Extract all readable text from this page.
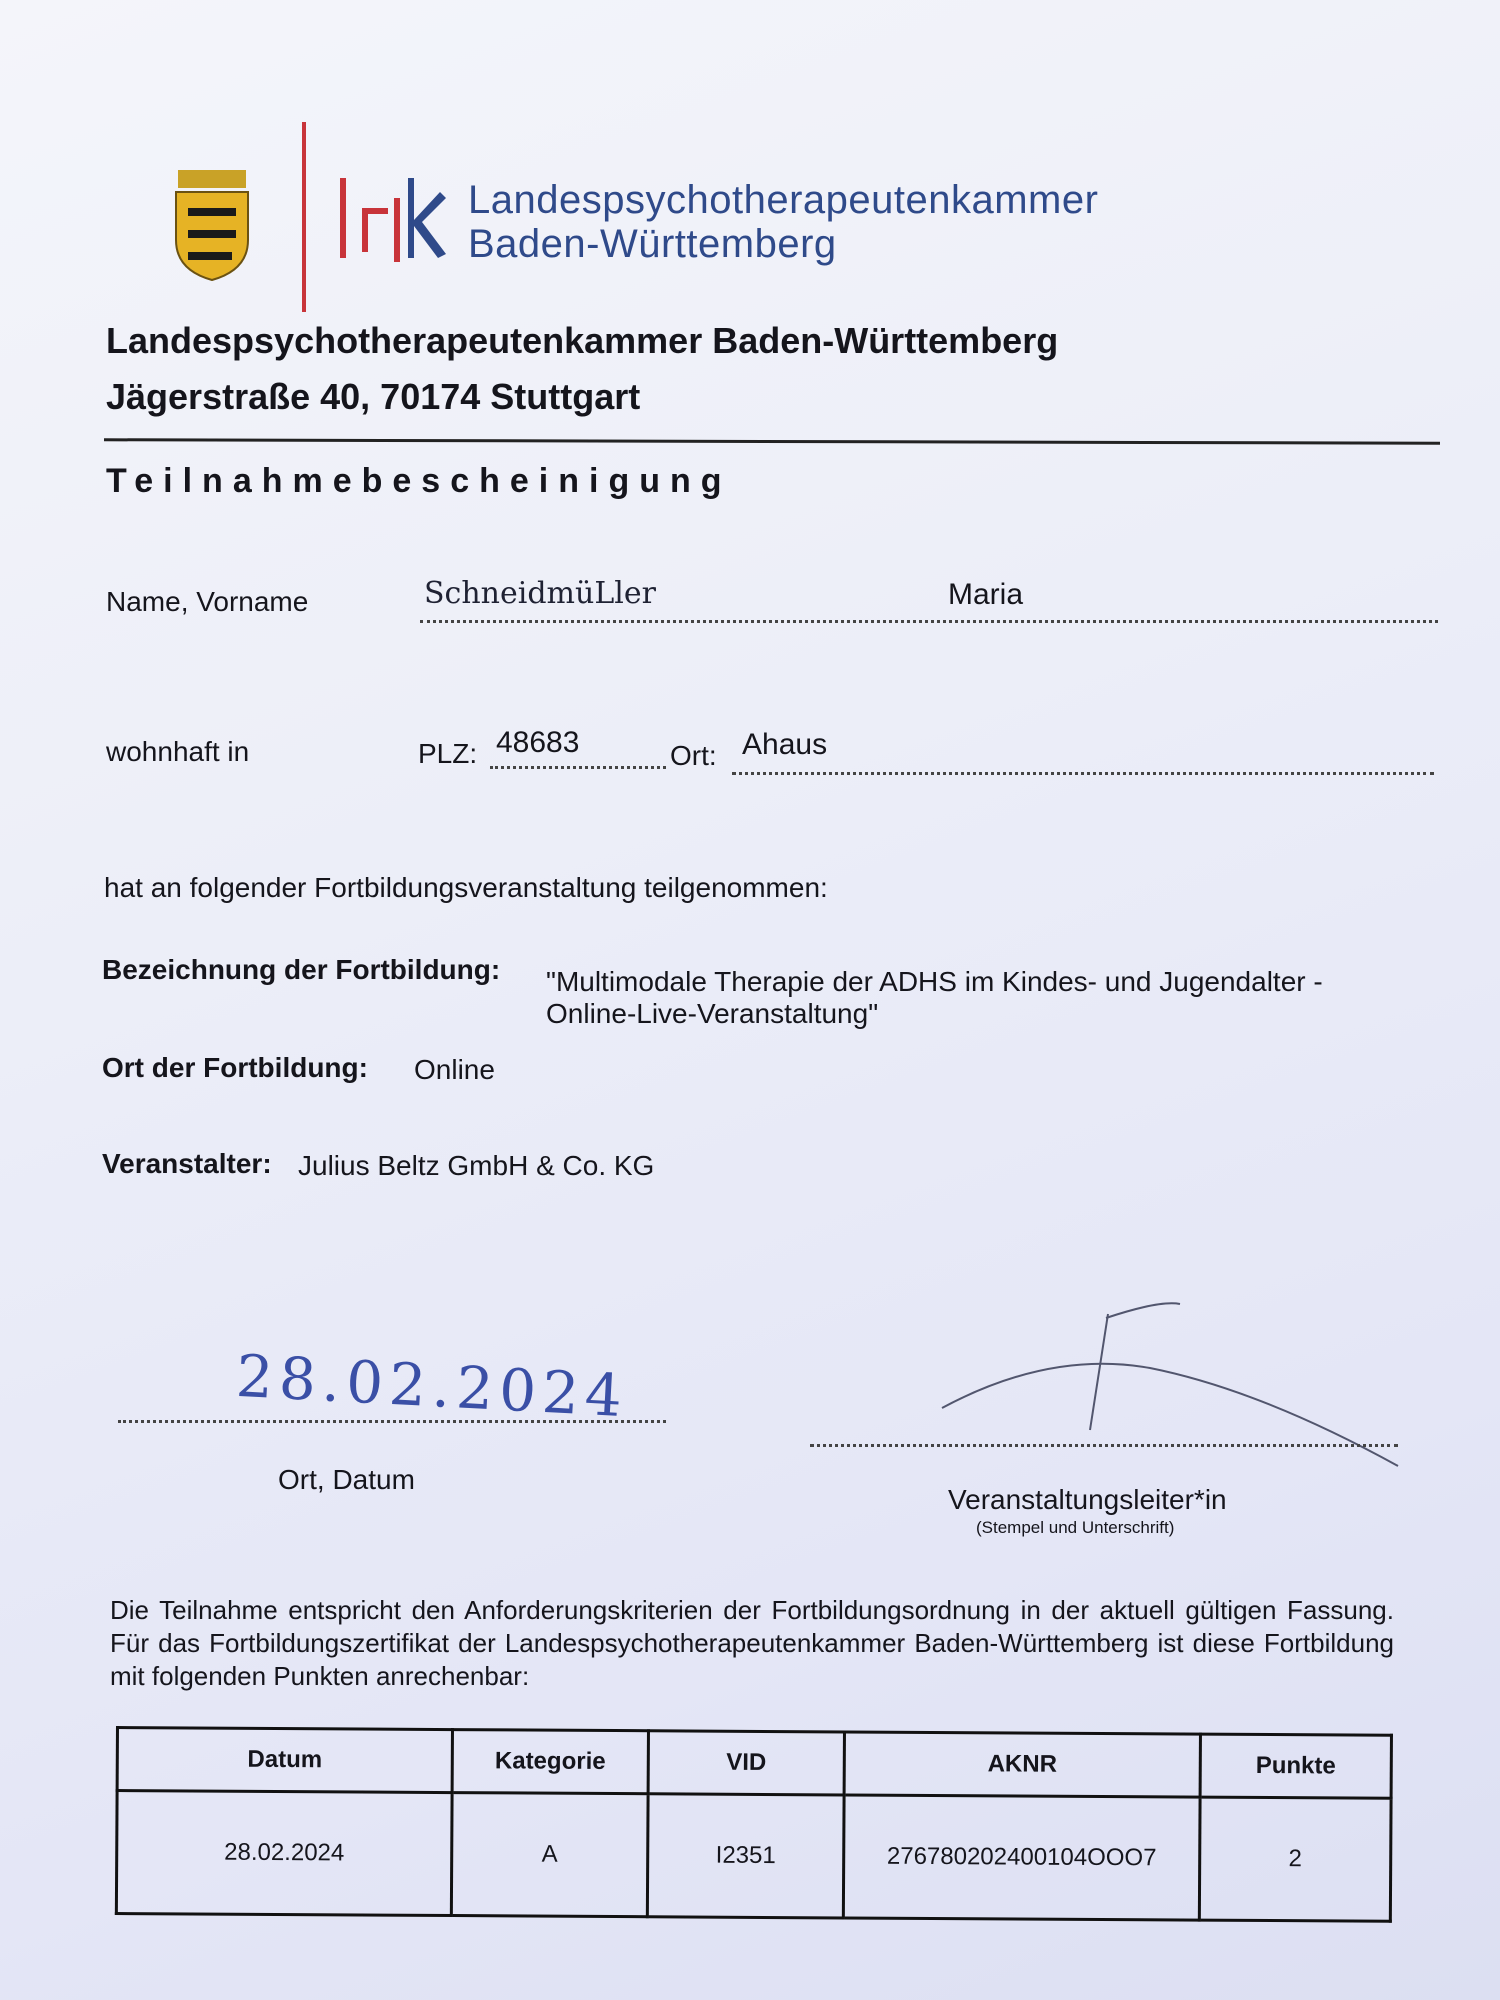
Landespsychotherapeutenkammer
Baden-Württemberg
Landespsychotherapeutenkammer Baden-Württemberg
Jägerstraße 40, 70174 Stuttgart
Teilnahmebescheinigung
Name, Vorname	SchneidmüLler	Maria
wohnhaft in	PLZ: 48683	Ort: Ahaus
hat an folgender Fortbildungsveranstaltung teilgenommen:
Bezeichnung der Fortbildung: "Multimodale Therapie der ADHS im Kindes- und Jugendalter -
Online-Live-Veranstaltung"
Ort der Fortbildung: Online
Veranstalter: Julius Beltz GmbH & Co. KG
28.02.2024
Ort, Datum
Veranstaltungsleiter*in
(Stempel und Unterschrift)
Die Teilnahme entspricht den Anforderungskriterien der Fortbildungsordnung in der aktuell gültigen Fassung. Für das Fortbildungszertifikat der Landespsychotherapeutenkammer Baden-Württemberg ist diese Fortbildung mit folgenden Punkten anrechenbar:
Datum	Kategorie	VID	AKNR	Punkte
28.02.2024	A	I2351	276780202400104OOO7	2
